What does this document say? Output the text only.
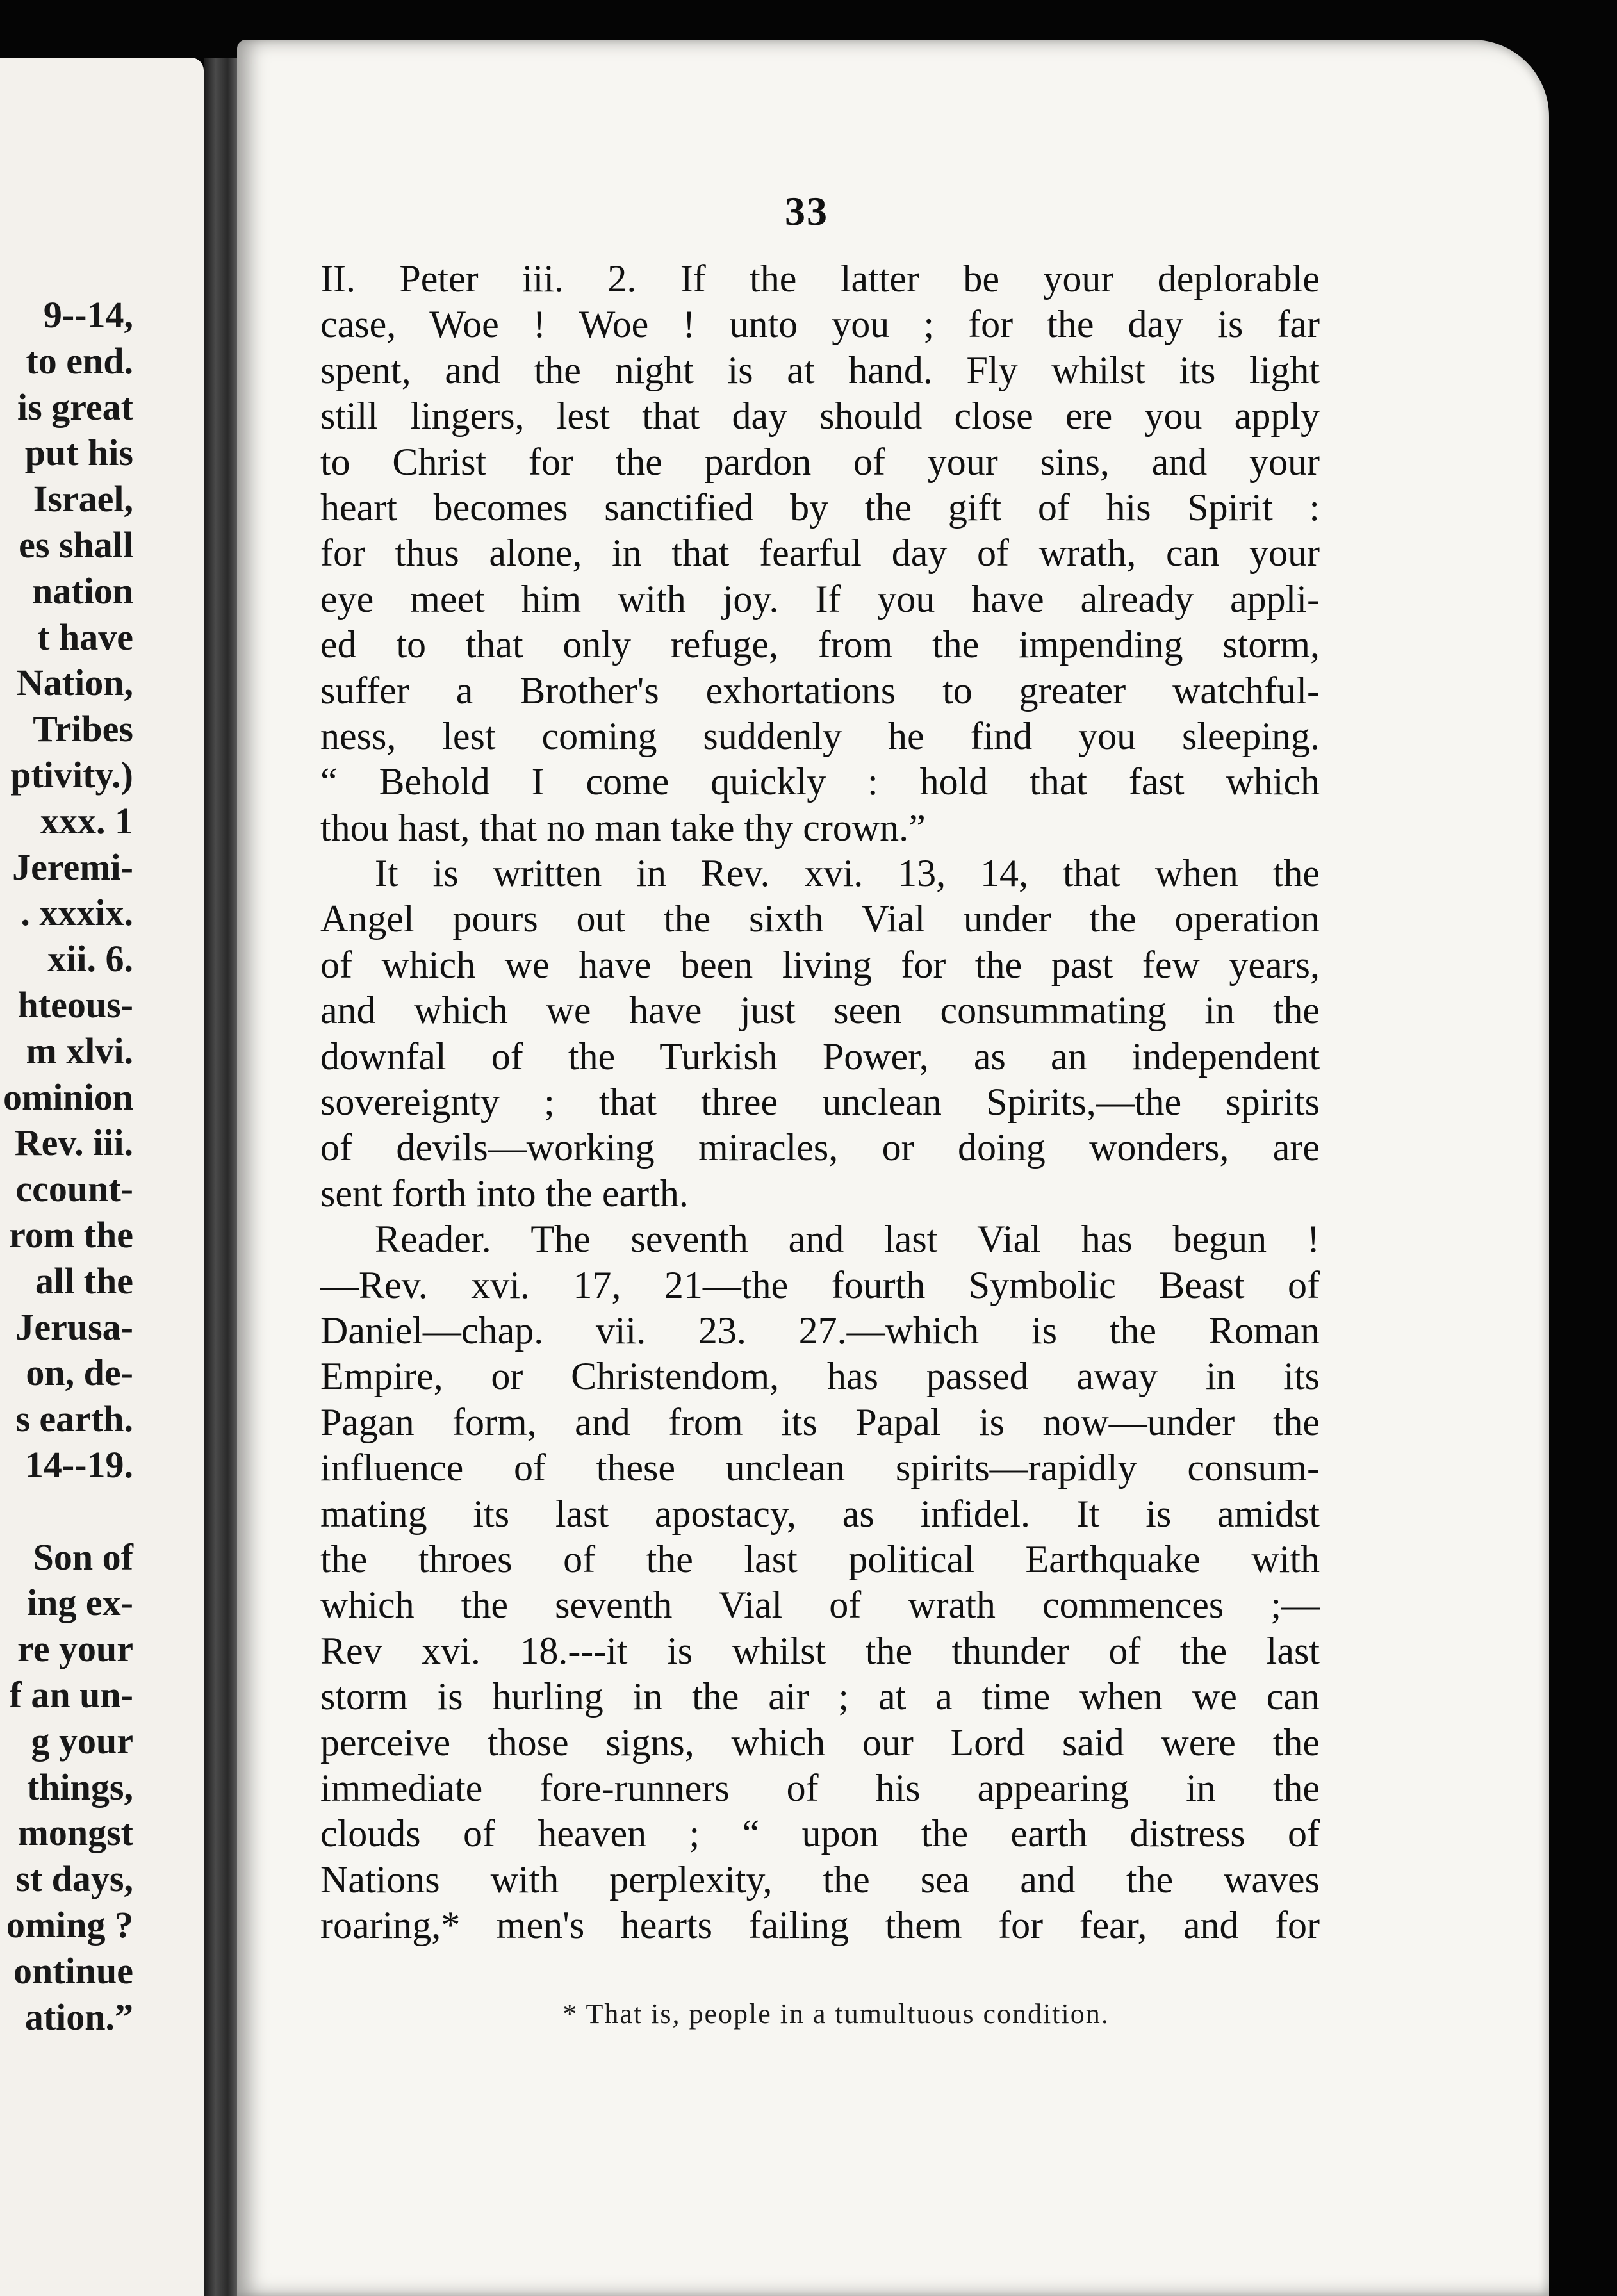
9--14,
to end.
is great
put his
Israel,
es shall
nation
t have
Nation,
Tribes
ptivity.)
xxx. 1
Jeremi-
. xxxix.
xii. 6.
hteous-
m xlvi.
ominion
Rev. iii.
ccount-
rom the
all the
Jerusa-
on, de-
s earth.
14--19.
Son of
ing ex-
re your
f an un-
g your
things,
mongst
st days,
oming ?
ontinue
ation.”
33
II. Peter iii. 2. If the latter be your deplorable
case, Woe ! Woe ! unto you ; for the day is far
spent, and the night is at hand. Fly whilst its light
still lingers, lest that day should close ere you apply
to Christ for the pardon of your sins, and your
heart becomes sanctified by the gift of his Spirit :
for thus alone, in that fearful day of wrath, can your
eye meet him with joy. If you have already appli-
ed to that only refuge, from the impending storm,
suffer a Brother's exhortations to greater watchful-
ness, lest coming suddenly he find you sleeping.
“ Behold I come quickly : hold that fast which
thou hast, that no man take thy crown.”
It is written in Rev. xvi. 13, 14, that when the
Angel pours out the sixth Vial under the operation
of which we have been living for the past few years,
and which we have just seen consummating in the
downfal of the Turkish Power, as an independent
sovereignty ; that three unclean Spirits,—the spirits
of devils—working miracles, or doing wonders, are
sent forth into the earth.
Reader. The seventh and last Vial has begun !
—Rev. xvi. 17, 21—the fourth Symbolic Beast of
Daniel—chap. vii. 23. 27.—which is the Roman
Empire, or Christendom, has passed away in its
Pagan form, and from its Papal is now—under the
influence of these unclean spirits—rapidly consum-
mating its last apostacy, as infidel. It is amidst
the throes of the last political Earthquake with
which the seventh Vial of wrath commences ;—
Rev xvi. 18.---it is whilst the thunder of the last
storm is hurling in the air ; at a time when we can
perceive those signs, which our Lord said were the
immediate fore-runners of his appearing in the
clouds of heaven ; “ upon the earth distress of
Nations with perplexity, the sea and the waves
roaring,* men's hearts failing them for fear, and for
* That is, people in a tumultuous condition.
